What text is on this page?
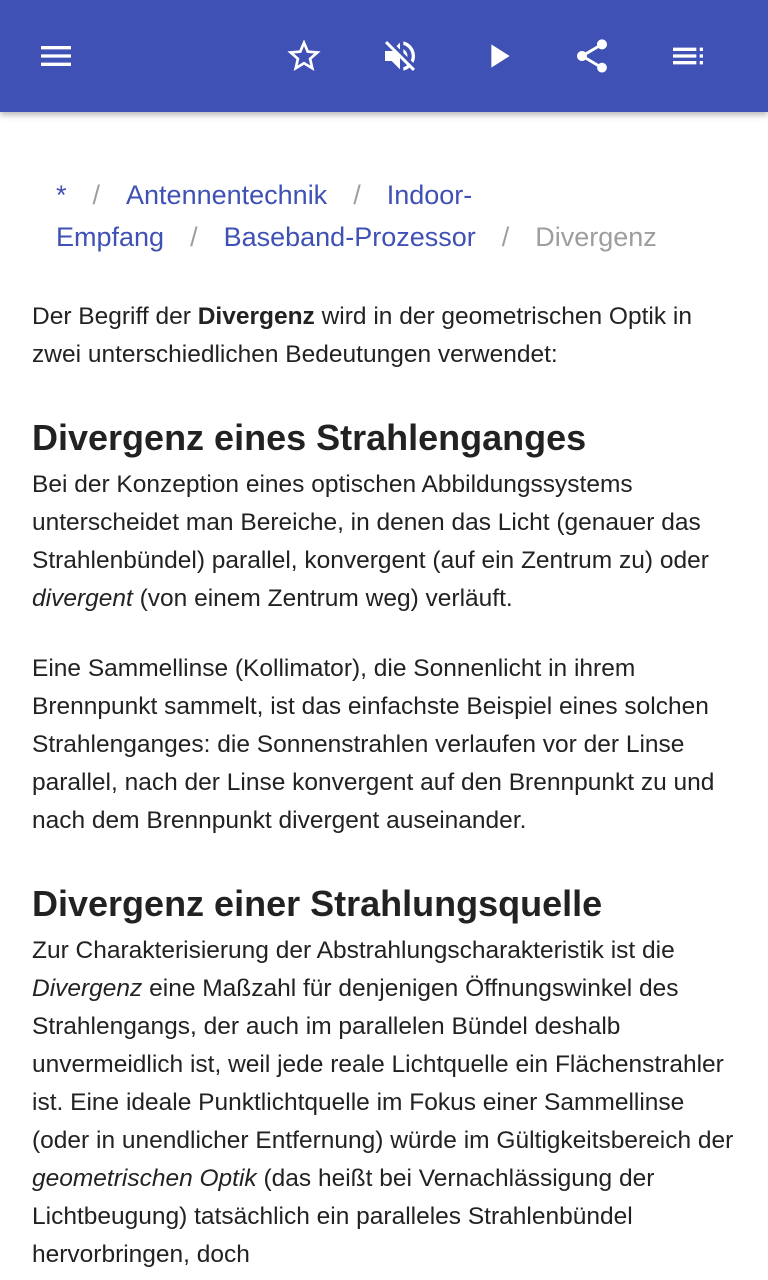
* / Antennentechnik / Indoor-Empfang / Baseband-Prozessor / Divergenz

Der Begriff der Divergenz wird in der geometrischen Optik in zwei unterschiedlichen Bedeutungen verwendet:

Divergenz eines Strahlenganges

Bei der Konzeption eines optischen Abbildungssystems unterscheidet man Bereiche, in denen das Licht (genauer das Strahlenbündel) parallel, konvergent (auf ein Zentrum zu) oder divergent (von einem Zentrum weg) verläuft.

Eine Sammellinse (Kollimator), die Sonnenlicht in ihrem Brennpunkt sammelt, ist das einfachste Beispiel eines solchen Strahlenganges: die Sonnenstrahlen verlaufen vor der Linse parallel, nach der Linse konvergent auf den Brennpunkt zu und nach dem Brennpunkt divergent auseinander.

Divergenz einer Strahlungsquelle

Zur Charakterisierung der Abstrahlungscharakteristik ist die Divergenz eine Maßzahl für denjenigen Öffnungswinkel des Strahlengangs, der auch im parallelen Bündel deshalb unvermeidlich ist, weil jede reale Lichtquelle ein Flächenstrahler ist. Eine ideale Punktlichtquelle im Fokus einer Sammellinse (oder in unendlicher Entfernung) würde im Gültigkeitsbereich der geometrischen Optik (das heißt bei Vernachlässigung der Lichtbeugung) tatsächlich ein paralleles Strahlenbündel hervorbringen, doch
